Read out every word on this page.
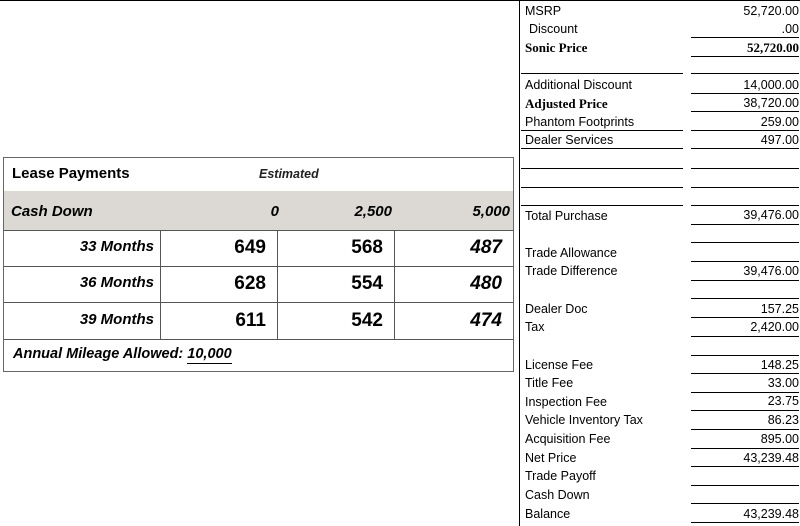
MSRP	52,720.00
Discount	.00
Sonic Price	52,720.00
Additional Discount	14,000.00
Adjusted Price	38,720.00
Phantom Footprints	259.00
Dealer Services	497.00
Total Purchase	39,476.00
Trade Allowance
Trade Difference	39,476.00
Dealer Doc	157.25
Tax	2,420.00
License Fee	148.25
Title Fee	33.00
Inspection Fee	23.75
Vehicle Inventory Tax	86.23
Acquisition Fee	895.00
Net Price	43,239.48
Trade Payoff
Cash Down
Balance	43,239.48
Lease Payments	Estimated
Cash Down	0	2,500	5,000
33 Months	649	568	487
36 Months	628	554	480
39 Months	611	542	474
Annual Mileage Allowed: 10,000
